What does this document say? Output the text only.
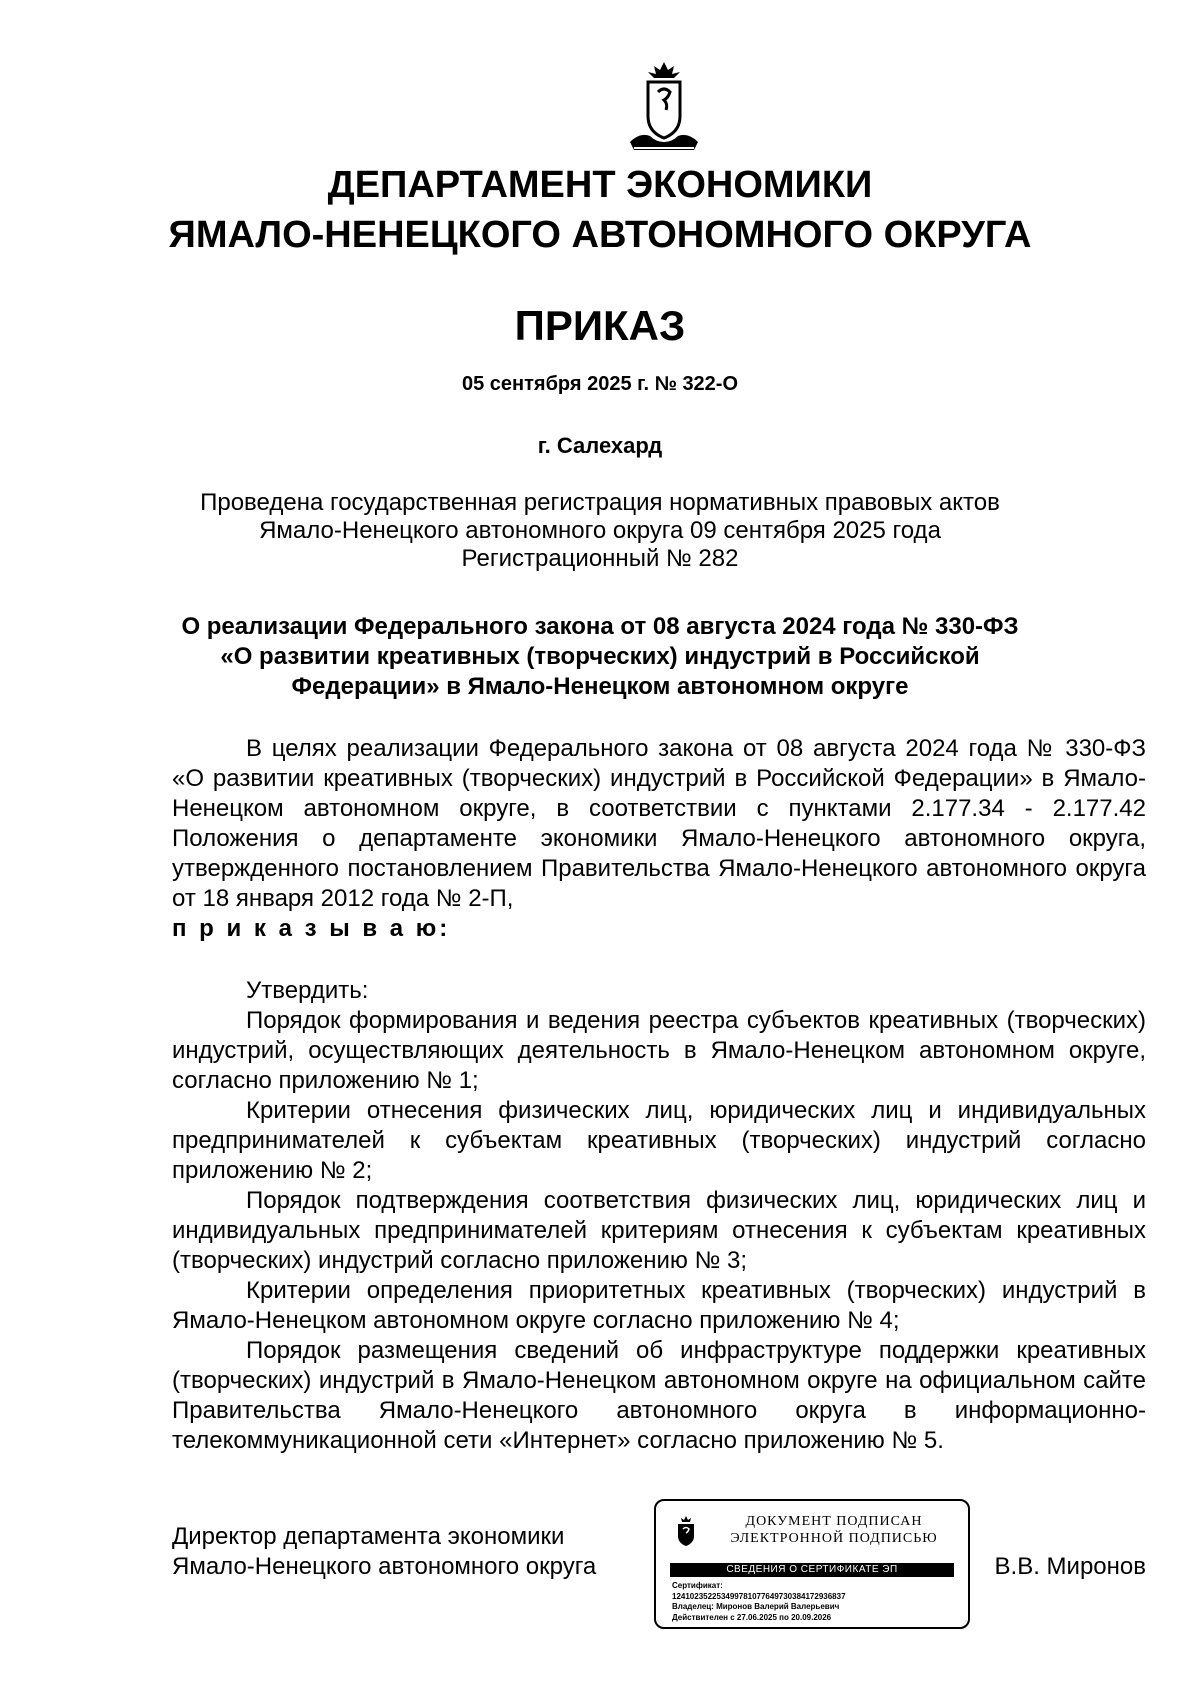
ДЕПАРТАМЕНТ ЭКОНОМИКИ
ЯМАЛО-НЕНЕЦКОГО АВТОНОМНОГО ОКРУГА
ПРИКАЗ
05 сентября 2025 г. № 322-О
г. Салехард
Проведена государственная регистрация нормативных правовых актов
Ямало-Ненецкого автономного округа 09 сентября 2025 года
Регистрационный № 282
О реализации Федерального закона от 08 августа 2024 года № 330-ФЗ
«О развитии креативных (творческих) индустрий в Российской
Федерации» в Ямало-Ненецком автономном округе

В целях реализации Федерального закона от 08 августа 2024 года № 330-ФЗ «О развитии креативных (творческих) индустрий в Российской Федерации» в Ямало-Ненецком автономном округе, в соответствии с пунктами 2.177.34 - 2.177.42 Положения о департаменте экономики Ямало-Ненецкого автономного округа, утвержденного постановлением Правительства Ямало-Ненецкого автономного округа от 18 января 2012 года № 2-П,
п р и к а з ы в а ю:

Утвердить:

Порядок формирования и ведения реестра субъектов креативных (творческих) индустрий, осуществляющих деятельность в Ямало-Ненецком автономном округе, согласно приложению № 1;

Критерии отнесения физических лиц, юридических лиц и индивидуальных предпринимателей к субъектам креативных (творческих) индустрий согласно приложению № 2;

Порядок подтверждения соответствия физических лиц, юридических лиц и индивидуальных предпринимателей критериям отнесения к субъектам креативных (творческих) индустрий согласно приложению № 3;

Критерии определения приоритетных креативных (творческих) индустрий в Ямало-Ненецком автономном округе согласно приложению № 4;

Порядок размещения сведений об инфраструктуре поддержки креативных (творческих) индустрий в Ямало-Ненецком автономном округе на официальном сайте Правительства Ямало-Ненецкого автономного округа в информационно-телекоммуникационной сети «Интернет» согласно приложению № 5.

Директор департамента экономики
Ямало-Ненецкого автономного округа
ДОКУМЕНТ ПОДПИСАН
ЭЛЕКТРОННОЙ ПОДПИСЬЮ
СВЕДЕНИЯ О СЕРТИФИКАТЕ ЭП
Сертификат:
124102352253499781077649730384172936837
Владелец: Миронов Валерий Валерьевич
Действителен с 27.06.2025 по 20.09.2026
В.В. Миронов
